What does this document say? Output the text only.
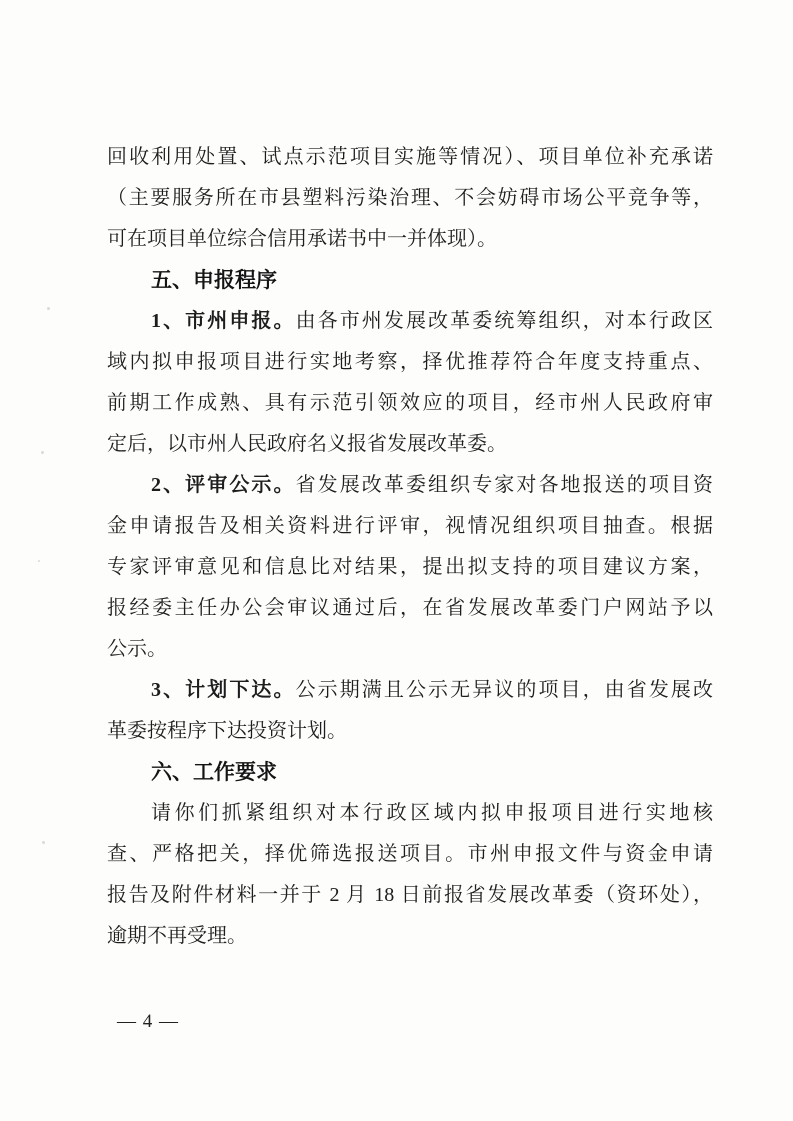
回收利用处置、试点示范项目实施等情况）、项目单位补充承诺
（主要服务所在市县塑料污染治理、不会妨碍市场公平竞争等，
可在项目单位综合信用承诺书中一并体现）。
五、申报程序
1、市州申报。由各市州发展改革委统筹组织，对本行政区
域内拟申报项目进行实地考察，择优推荐符合年度支持重点、
前期工作成熟、具有示范引领效应的项目，经市州人民政府审
定后，以市州人民政府名义报省发展改革委。
2、评审公示。省发展改革委组织专家对各地报送的项目资
金申请报告及相关资料进行评审，视情况组织项目抽查。根据
专家评审意见和信息比对结果，提出拟支持的项目建议方案，
报经委主任办公会审议通过后，在省发展改革委门户网站予以
公示。
3、计划下达。公示期满且公示无异议的项目，由省发展改
革委按程序下达投资计划。
六、工作要求
请你们抓紧组织对本行政区域内拟申报项目进行实地核
查、严格把关，择优筛选报送项目。市州申报文件与资金申请
报告及附件材料一并于 2 月 18 日前报省发展改革委（资环处），
逾期不再受理。
— 4 —
